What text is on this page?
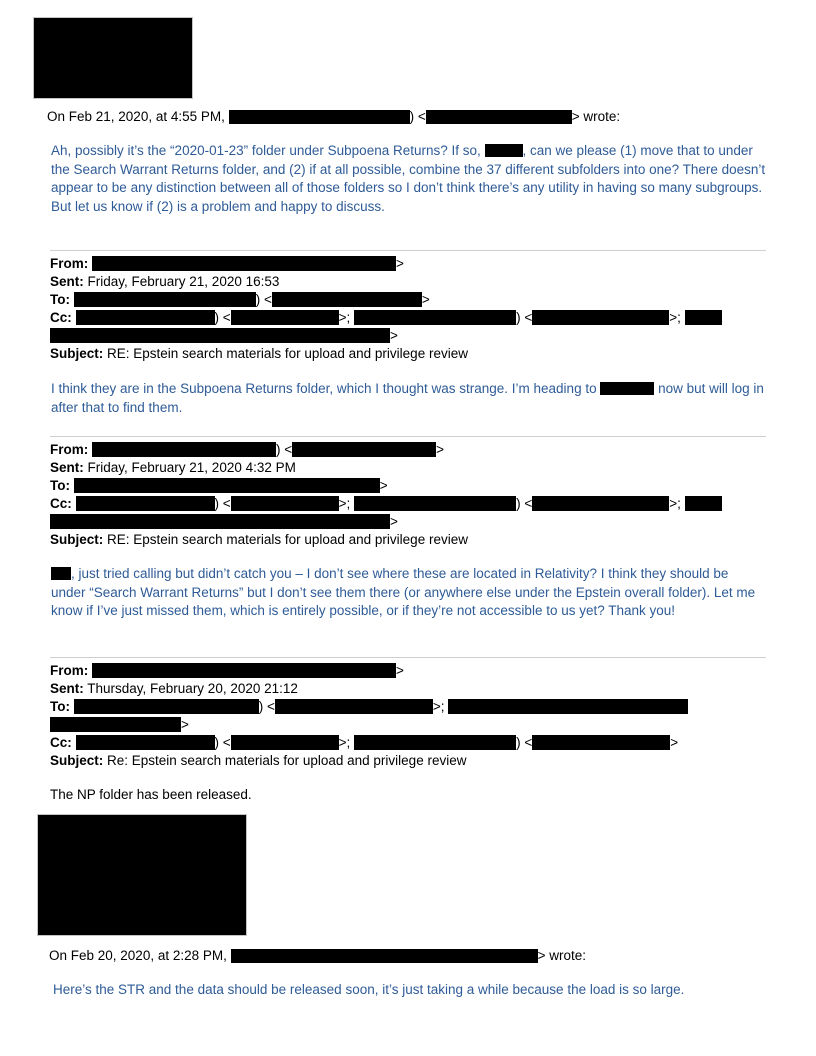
On Feb 21, 2020, at 4:55 PM,	) <	> wrote:
Ah, possibly it’s the “2020-01-23” folder under Subpoena Returns? If so,	, can we please (1) move that to under the Search Warrant Returns folder, and (2) if at all possible, combine the 37 different subfolders into one? There doesn’t appear to be any distinction between all of those folders so I don’t think there’s any utility in having so many subgroups. But let us know if (2) is a problem and happy to discuss.
From:	>
Sent: Friday, February 21, 2020 16:53
To:	) <	>
Cc:	) <	>;	) <	>;
>
Subject: RE: Epstein search materials for upload and privilege review
I think they are in the Subpoena Returns folder, which I thought was strange. I’m heading to	now but will log in after that to find them.
From:	) <	>
Sent: Friday, February 21, 2020 4:32 PM
To:	>
Cc:	) <	>;	) <	>;
>
Subject: RE: Epstein search materials for upload and privilege review
, just tried calling but didn’t catch you – I don’t see where these are located in Relativity? I think they should be under “Search Warrant Returns” but I don’t see them there (or anywhere else under the Epstein overall folder). Let me know if I’ve just missed them, which is entirely possible, or if they’re not accessible to us yet? Thank you!
From:	>
Sent: Thursday, February 20, 2020 21:12
To:	) <	>;
>
Cc:	) <	>;	) <	>
Subject: Re: Epstein search materials for upload and privilege review
The NP folder has been released.
On Feb 20, 2020, at 2:28 PM,	> wrote:
Here’s the STR and the data should be released soon, it’s just taking a while because the load is so large.
